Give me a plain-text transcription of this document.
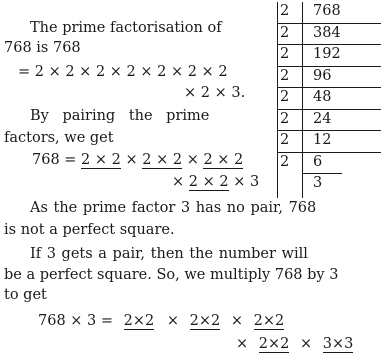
The prime factorisation of
768 is 768
= 2 × 2 × 2 × 2 × 2 × 2 × 2
× 2 × 3.
By pairing the prime
factors, we get
768 = 2 × 2 × 2 × 2 × 2 × 2
× 2 × 2 × 3
2	768
2	384
2	192
2	96
2	48
2	24
2	12
2	6
3
As the prime factor 3 has no pair, 768
is not a perfect square.
If 3 gets a pair, then the number will
be a perfect square. So, we multiply 768 by 3
to get
768 × 3 = 2×2 × 2×2 × 2×2
× 2×2 × 3×3
